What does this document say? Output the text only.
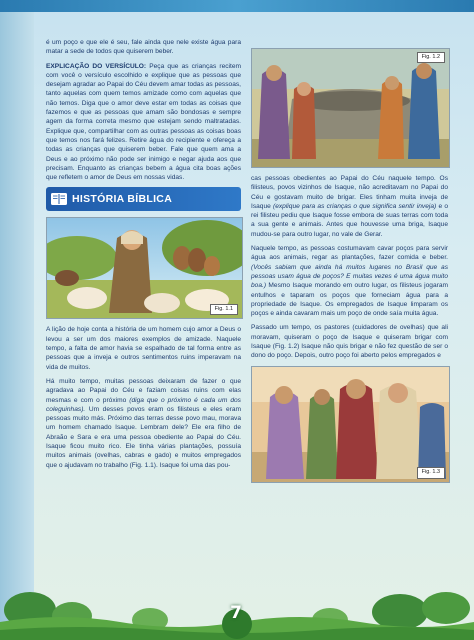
é um poço e que ele é seu, fale ainda que nele existe água para matar a sede de todos que quiserem beber.

EXPLICAÇÃO DO VERSÍCULO: Peça que as crianças recitem com você o versículo escolhido e explique que as pessoas que desejam agradar ao Papai do Céu devem amar todas as pessoas, tanto aquelas com quem temos amizade como com aquelas que não temos. Diga que o amor deve estar em todas as coisas que fazemos e que as pessoas que amam são bondosas e sempre agem da forma correta mesmo que estejam sendo maltratadas. Explique que, compartilhar com as outras pessoas as coisas boas que temos nos fará felizes. Retire água do recipiente e ofereça a todas as crianças que quiserem beber. Fale que quem ama a Deus e ao próximo não pode ser inimigo e negar ajuda aos que precisam. Enquanto as crianças bebem a água cita boas ações que refletem o amor de Deus em nossas vidas.

HISTÓRIA BÍBLICA
Fig. 1.1

A lição de hoje conta a história de um homem cujo amor a Deus o levou a ser um dos maiores exemplos de amizade. Naquele tempo, a falta de amor havia se espalhado de tal forma entre as pessoas que a inveja e outros sentimentos ruins imperavam na vida de muitos.

Há muito tempo, muitas pessoas deixaram de fazer o que agradava ao Papai do Céu e faziam coisas ruins com elas mesmas e com o próximo (diga que o próximo é cada um dos coleguinhas). Um desses povos eram os filisteus e eles eram pessoas muito más. Próximo das terras desse povo mau, morava um homem chamado Isaque. Lembram dele? Ele era filho de Abraão e Sara e era uma pessoa obediente ao Papai do Céu. Isaque ficou muito rico. Ele tinha várias plantações, possuía muitos animais (ovelhas, cabras e gado) e muitos empregados que o ajudavam no trabalho (Fig. 1.1). Isaque foi uma das pou-

Fig. 1.2

cas pessoas obedientes ao Papai do Céu naquele tempo. Os filisteus, povos vizinhos de Isaque, não acreditavam no Papai do Céu e gostavam muito de brigar. Eles tinham muita inveja de Isaque (explique para as crianças o que significa sentir inveja) e o rei filisteu pediu que Isaque fosse embora de suas terras com toda a sua gente e animais. Antes que houvesse uma briga, Isaque mudou-se para outro lugar, no vale de Gerar.

Naquele tempo, as pessoas costumavam cavar poços para servir água aos animais, regar as plantações, fazer comida e beber. (Vocês sabiam que ainda há muitos lugares no Brasil que as pessoas usam água de poços? E muitas vezes é uma água muito boa.) Mesmo Isaque morando em outro lugar, os filisteus jogaram entulhos e taparam os poços que forneciam água para a propriedade de Isaque. Os empregados de Isaque limparam os poços e ainda cavaram mais um poço de onde saía muita água.

Passado um tempo, os pastores (cuidadores de ovelhas) que ali moravam, quiseram o poço de Isaque e quiseram brigar com Isaque (Fig. 1.2) Isaque não quis brigar e não fez questão de ser o dono do poço. Depois, outro poço foi aberto pelos empregados e

Fig. 1.3
7
